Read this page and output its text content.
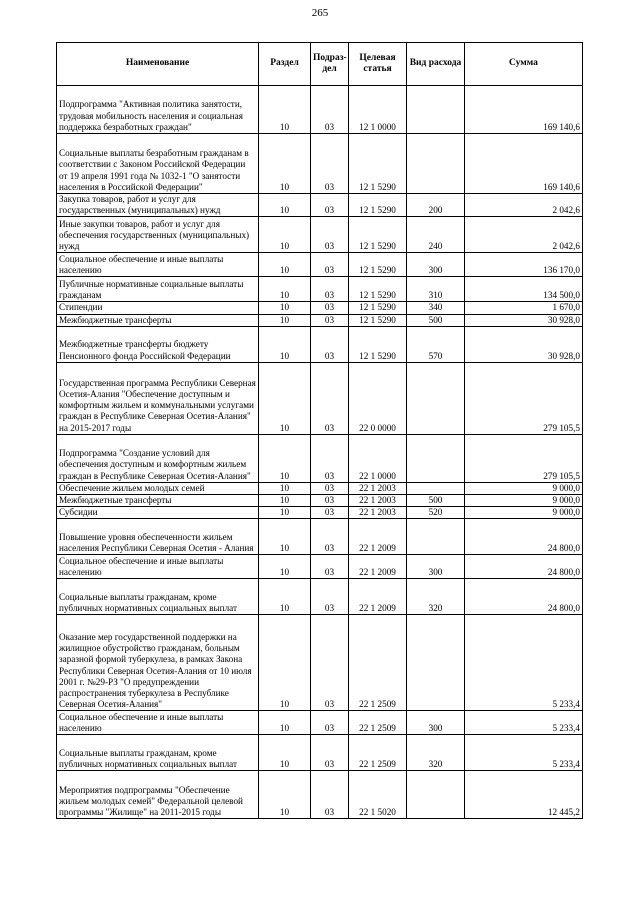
265
Наименование	Раздел	Подраз-дел	Целевая статья	Вид расхода	Сумма
Подпрограмма "Активная политика занятости, трудовая мобильность населения и социальная поддержка безработных граждан"	10	03	12 1 0000		169 140,6
Социальные выплаты безработным гражданам в соответствии с Законом Российской Федерации от 19 апреля 1991 года № 1032-1 "О занятости населения в Российской Федерации"	10	03	12 1 5290		169 140,6
Закупка товаров, работ и услуг для государственных (муниципальных) нужд	10	03	12 1 5290	200	2 042,6
Иные закупки товаров, работ и услуг для обеспечения государственных (муниципальных) нужд	10	03	12 1 5290	240	2 042,6
Социальное обеспечение и иные выплаты населению	10	03	12 1 5290	300	136 170,0
Публичные нормативные социальные выплаты гражданам	10	03	12 1 5290	310	134 500,0
Стипендии	10	03	12 1 5290	340	1 670,0
Межбюджетные трансферты	10	03	12 1 5290	500	30 928,0
Межбюджетные трансферты бюджету Пенсионного фонда Российской Федерации	10	03	12 1 5290	570	30 928,0
Государственная программа Республики Северная Осетия-Алания "Обеспечение доступным и комфортным жильем и коммунальными услугами граждан в Республике Северная Осетия-Алания" на 2015-2017 годы	10	03	22 0 0000		279 105,5
Подпрограмма "Создание условий для обеспечения доступным и комфортным жильем граждан в Республике Северная Осетия-Алания"	10	03	22 1 0000		279 105,5
Обеспечение жильем молодых семей	10	03	22 1 2003		9 000,0
Межбюджетные трансферты	10	03	22 1 2003	500	9 000,0
Субсидии	10	03	22 1 2003	520	9 000,0
Повышение уровня обеспеченности жильем населения Республики Северная Осетия - Алания	10	03	22 1 2009		24 800,0
Социальное обеспечение и иные выплаты населению	10	03	22 1 2009	300	24 800,0
Социальные выплаты гражданам, кроме публичных нормативных социальных выплат	10	03	22 1 2009	320	24 800,0
Оказание мер государственной поддержки на жилищное обустройство гражданам, больным заразной формой туберкулеза, в рамках Закона Республики Северная Осетия-Алания от 10 июля 2001 г. №29-РЗ "О предупреждении распространения туберкулеза в Республике Северная Осетия-Алания"	10	03	22 1 2509		5 233,4
Социальное обеспечение и иные выплаты населению	10	03	22 1 2509	300	5 233,4
Социальные выплаты гражданам, кроме публичных нормативных социальных выплат	10	03	22 1 2509	320	5 233,4
Мероприятия подпрограммы "Обеспечение жильем молодых семей" Федеральной целевой программы "Жилище" на 2011-2015 годы	10	03	22 1 5020		12 445,2
